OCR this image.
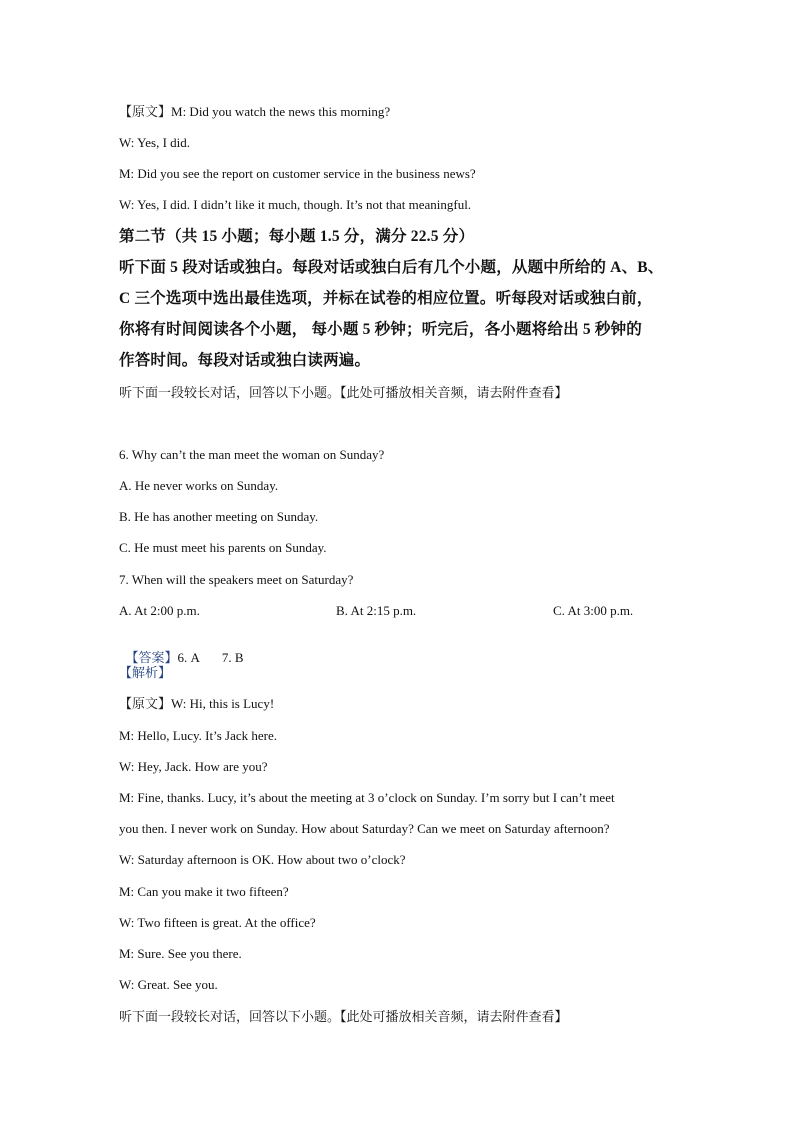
【原文】M: Did you watch the news this morning?
W: Yes, I did.
M: Did you see the report on customer service in the business news?
W: Yes, I did. I didn’t like it much, though. It’s not that meaningful.
第二节（共 15 小题；每小题 1.5 分，满分 22.5 分）
听下面 5 段对话或独白。每段对话或独白后有几个小题，从题中所给的 A、B、
C 三个选项中选出最佳选项，并标在试卷的相应位置。听每段对话或独白前，
你将有时间阅读各个小题， 每小题 5 秒钟；听完后，各小题将给出 5 秒钟的
作答时间。每段对话或独白读两遍。
听下面一段较长对话，回答以下小题。【此处可播放相关音频，请去附件查看】
6. Why can’t the man meet the woman on Sunday?
A. He never works on Sunday.
B. He has another meeting on Sunday.
C. He must meet his parents on Sunday.
7. When will the speakers meet on Saturday?
A. At 2:00 p.m.	B. At 2:15 p.m.	C. At 3:00 p.m.

【答案】6. A       7. B

【解析】
【原文】W: Hi, this is Lucy!
M: Hello, Lucy. It’s Jack here.
W: Hey, Jack. How are you?
M: Fine, thanks. Lucy, it’s about the meeting at 3 o’clock on Sunday. I’m sorry but I can’t meet
you then. I never work on Sunday. How about Saturday? Can we meet on Saturday afternoon?
W: Saturday afternoon is OK. How about two o’clock?
M: Can you make it two fifteen?
W: Two fifteen is great. At the office?
M: Sure. See you there.
W: Great. See you.
听下面一段较长对话，回答以下小题。【此处可播放相关音频，请去附件查看】
